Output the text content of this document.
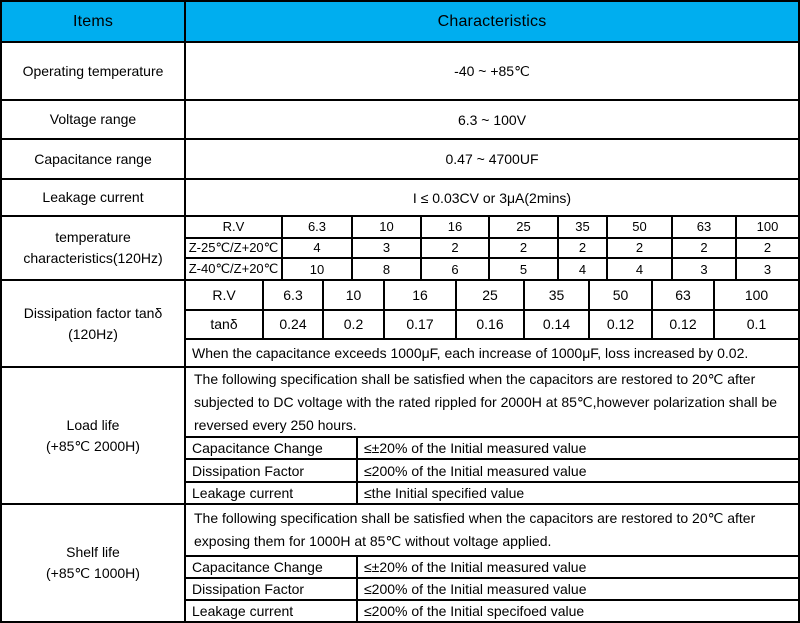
Items	Characteristics
Operating temperature	-40 ~ +85℃
Voltage range	6.3 ~ 100V
Capacitance range	0.47 ~ 4700UF
Leakage current	I ≤ 0.03CV or 3μA(2mins)
temperature
characteristics(120Hz)
R.V	6.3	10	16	25	35	50	63	100
Z-25℃/Z+20℃	4	3	2	2	2	2	2	2
Z-40℃/Z+20℃	10	8	6	5	4	4	3	3
Dissipation factor tanδ
(120Hz)
R.V	6.3	10	16	25	35	50	63	100
tanδ	0.24	0.2	0.17	0.16	0.14	0.12	0.12	0.1
When the capacitance exceeds 1000μF, each increase of 1000μF, loss increased by 0.02.
Load life
(+85℃ 2000H)
The following specification shall be satisfied when the capacitors are restored to 20℃ after subjected to DC voltage with the rated rippled for 2000H at 85℃,however polarization shall be reversed every 250 hours.
Capacitance Change	≤±20% of the Initial measured value
Dissipation Factor	≤200% of the Initial measured value
Leakage current	≤the Initial specified value
Shelf life
(+85℃ 1000H)
The following specification shall be satisfied when the capacitors are restored to 20℃ after exposing them for 1000H at 85℃ without voltage applied.
Capacitance Change	≤±20% of the Initial measured value
Dissipation Factor	≤200% of the Initial measured value
Leakage current	≤200% of the Initial specifoed value
